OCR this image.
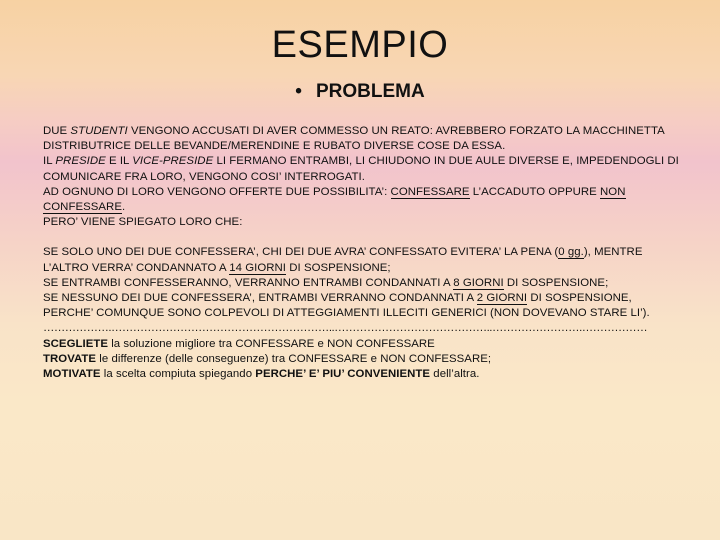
ESEMPIO
• PROBLEMA

DUE STUDENTI VENGONO ACCUSATI DI AVER COMMESSO UN REATO: AVREBBERO FORZATO LA MACCHINETTA DISTRIBUTRICE DELLE BEVANDE/MERENDINE E RUBATO DIVERSE COSE DA ESSA.

IL PRESIDE E IL VICE-PRESIDE LI FERMANO ENTRAMBI, LI CHIUDONO IN DUE AULE DIVERSE E, IMPEDENDOGLI DI COMUNICARE FRA LORO, VENGONO COSI’ INTERROGATI.

AD OGNUNO DI LORO VENGONO OFFERTE DUE POSSIBILITA’: CONFESSARE L’ACCADUTO OPPURE NON CONFESSARE.

PERO’ VIENE SPIEGATO LORO CHE:

SE SOLO UNO DEI DUE CONFESSERA’, CHI DEI DUE AVRA’ CONFESSATO EVITERA’ LA PENA (0 gg.), MENTRE L’ALTRO VERRA’ CONDANNATO A 14 GIORNI DI SOSPENSIONE;

SE ENTRAMBI CONFESSERANNO, VERRANNO ENTRAMBI CONDANNATI A 8 GIORNI DI SOSPENSIONE;

SE NESSUNO DEI DUE CONFESSERA’, ENTRAMBI VERRANNO CONDANNATI A 2 GIORNI DI SOSPENSIONE, PERCHE’ COMUNQUE SONO COLPEVOLI DI ATTEGGIAMENTI ILLECITI GENERICI (NON DOVEVANO STARE LI’).

……………….……………………………………………………..……………………………………..…………………….………………

SCEGLIETE la soluzione migliore tra CONFESSARE e NON CONFESSARE

TROVATE le differenze (delle conseguenze) tra CONFESSARE e NON CONFESSARE;

MOTIVATE la scelta compiuta spiegando PERCHE’ E’ PIU’ CONVENIENTE dell’altra.
